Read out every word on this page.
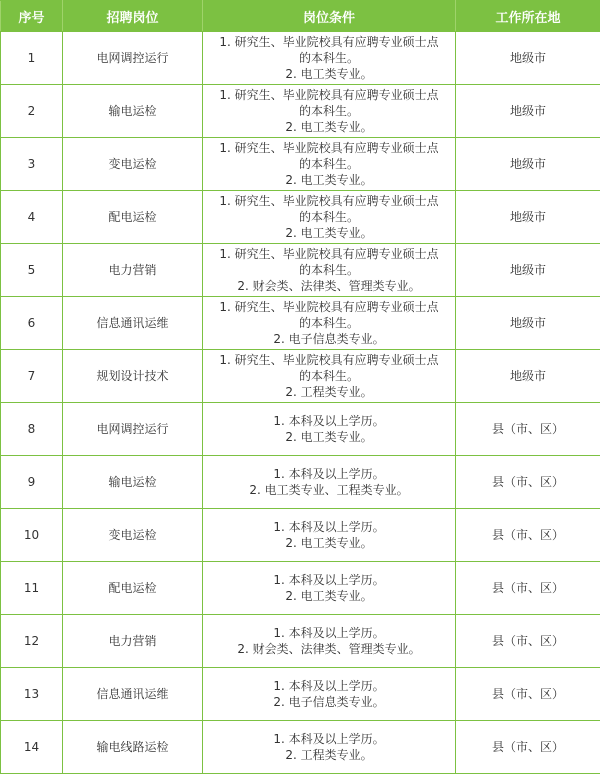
序号	招聘岗位	岗位条件	工作所在地
1	电网调控运行	1. 研究生、毕业院校具有应聘专业硕士点
的本科生。
2. 电工类专业。	地级市
2	输电运检	1. 研究生、毕业院校具有应聘专业硕士点
的本科生。
2. 电工类专业。	地级市
3	变电运检	1. 研究生、毕业院校具有应聘专业硕士点
的本科生。
2. 电工类专业。	地级市
4	配电运检	1. 研究生、毕业院校具有应聘专业硕士点
的本科生。
2. 电工类专业。	地级市
5	电力营销	1. 研究生、毕业院校具有应聘专业硕士点
的本科生。
2. 财会类、法律类、管理类专业。	地级市
6	信息通讯运维	1. 研究生、毕业院校具有应聘专业硕士点
的本科生。
2. 电子信息类专业。	地级市
7	规划设计技术	1. 研究生、毕业院校具有应聘专业硕士点
的本科生。
2. 工程类专业。	地级市
8	电网调控运行	1. 本科及以上学历。
2. 电工类专业。	县（市、区）
9	输电运检	1. 本科及以上学历。
2. 电工类专业、工程类专业。	县（市、区）
10	变电运检	1. 本科及以上学历。
2. 电工类专业。	县（市、区）
11	配电运检	1. 本科及以上学历。
2. 电工类专业。	县（市、区）
12	电力营销	1. 本科及以上学历。
2. 财会类、法律类、管理类专业。	县（市、区）
13	信息通讯运维	1. 本科及以上学历。
2. 电子信息类专业。	县（市、区）
14	输电线路运检	1. 本科及以上学历。
2. 工程类专业。	县（市、区）
